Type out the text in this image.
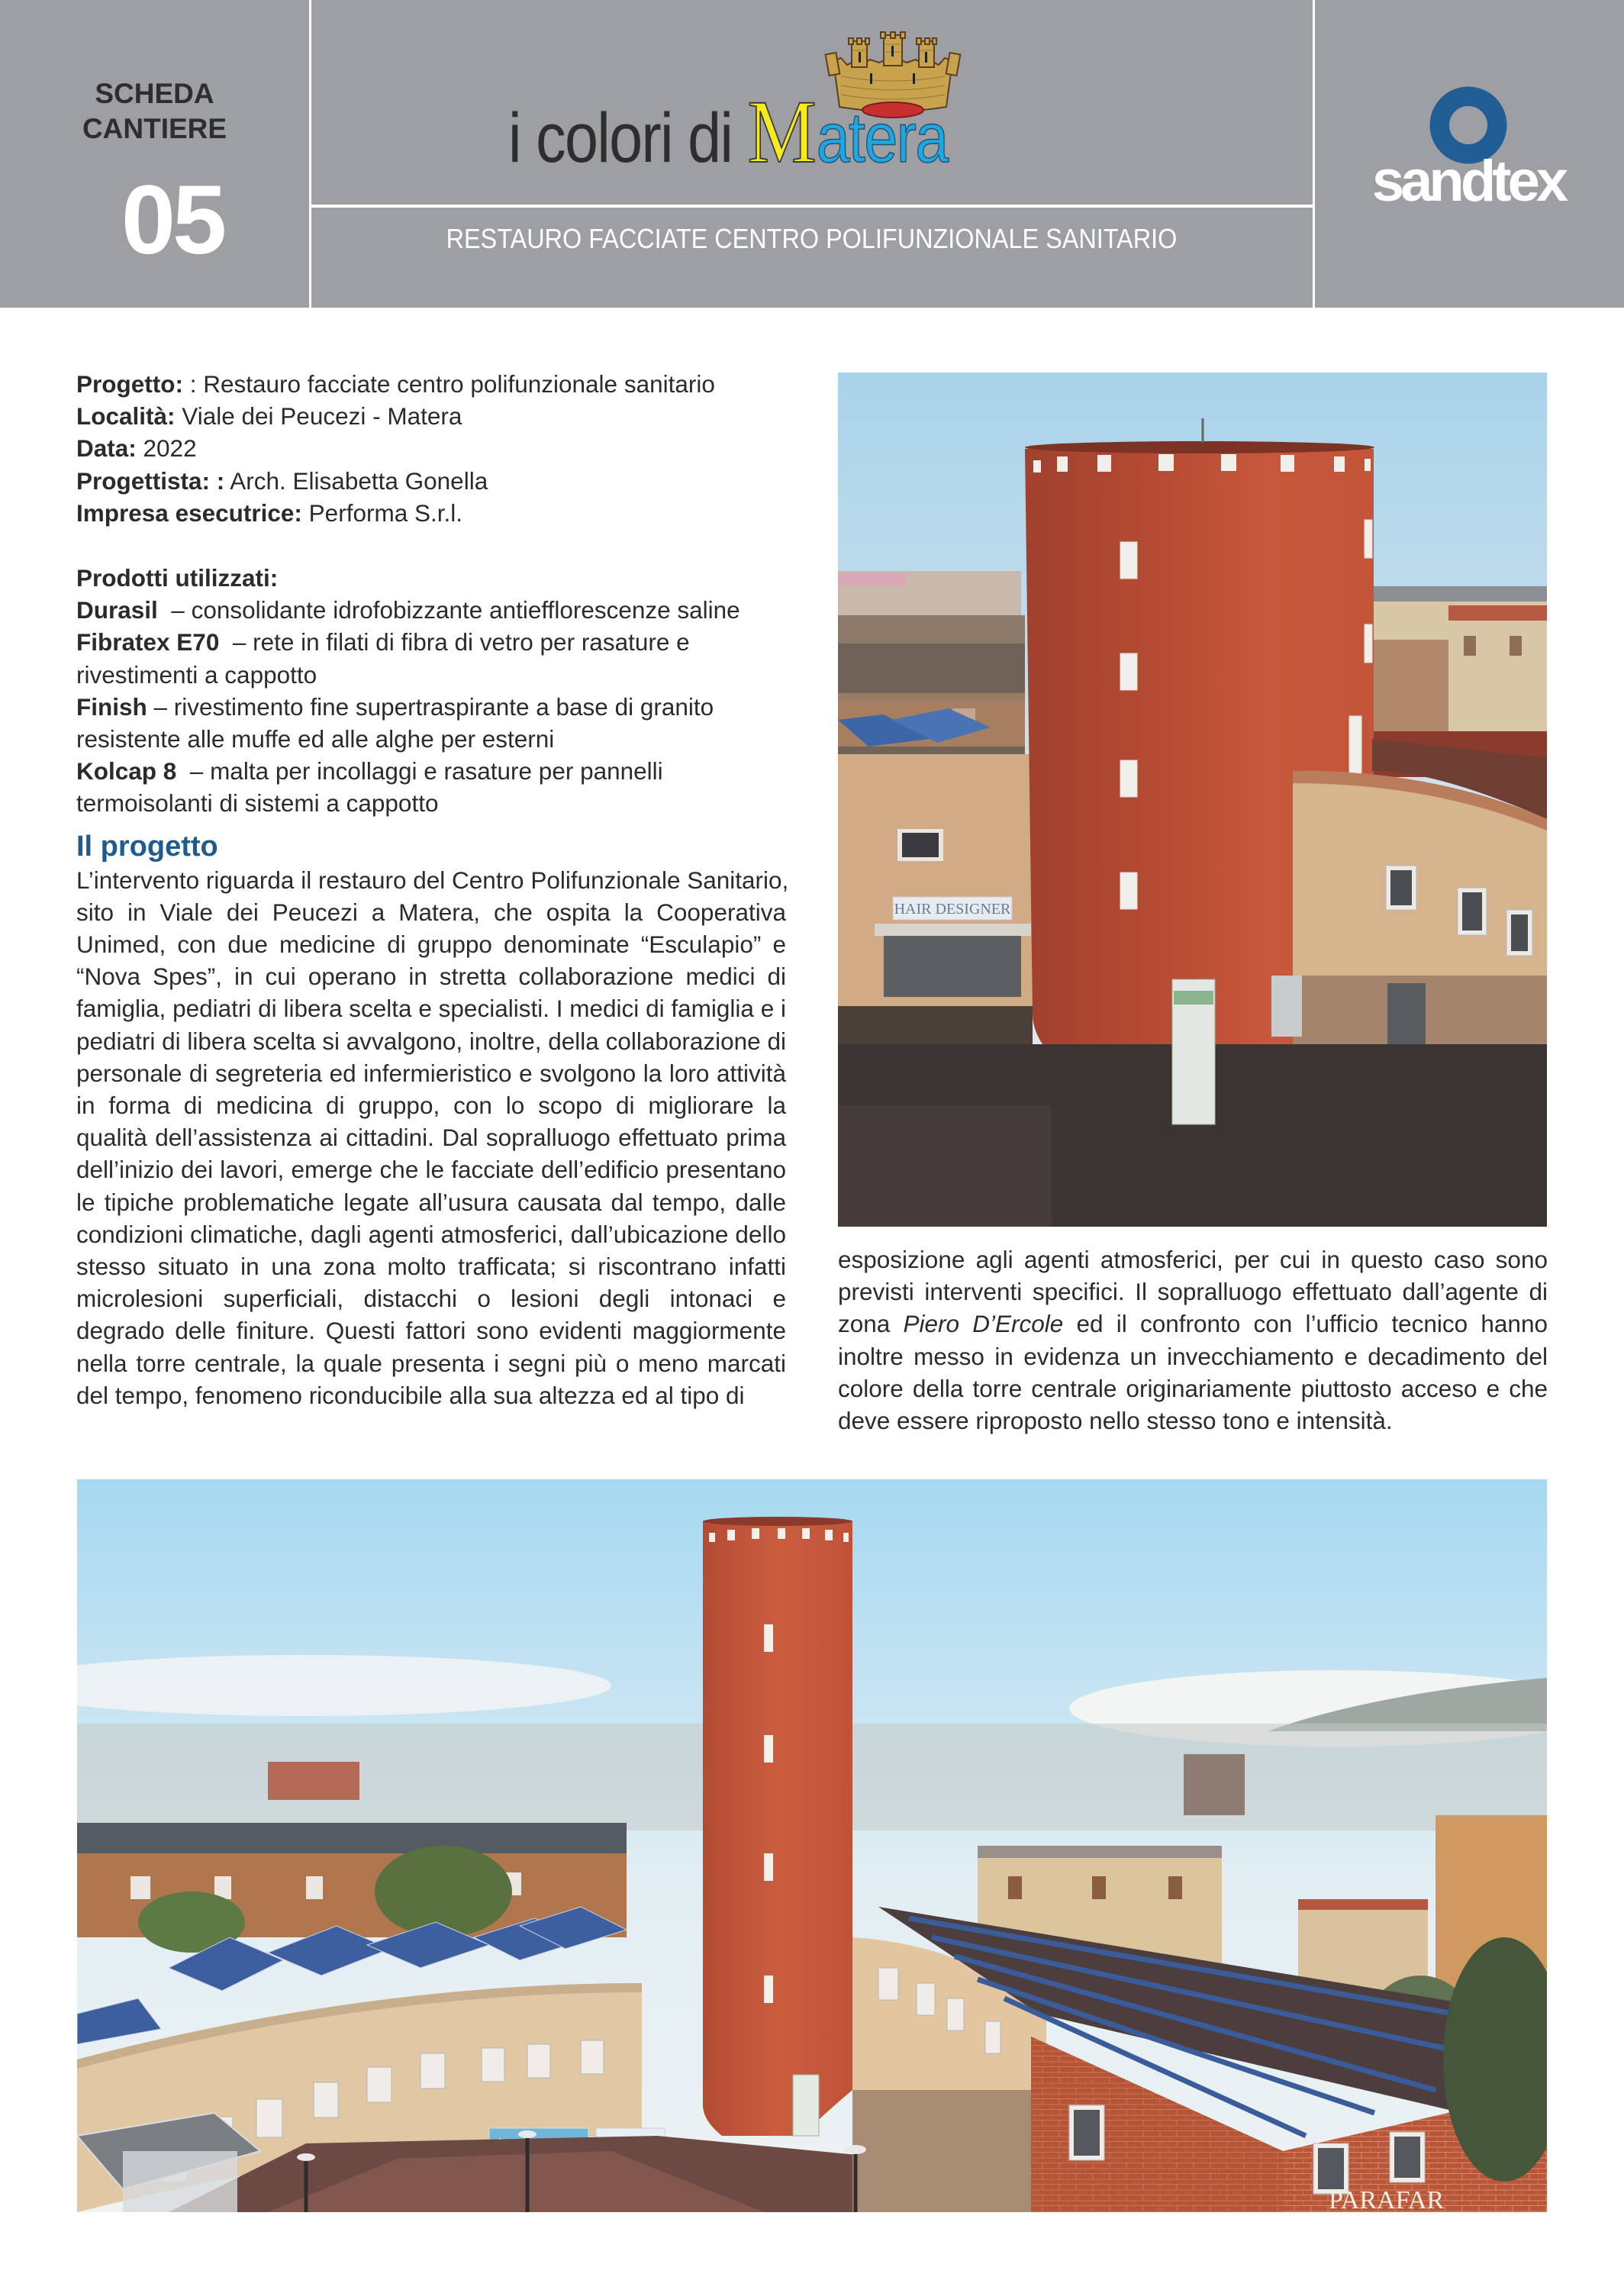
SCHEDA
CANTIERE
05
i colori di Matera
RESTAURO FACCIATE CENTRO POLIFUNZIONALE SANITARIO
sandtex

Progetto: : Restauro facciate centro polifunzionale sanitario

Località: Viale dei Peucezi - Matera

Data: 2022

Progettista: : Arch. Elisabetta Gonella

Impresa esecutrice: Performa S.r.l.

Prodotti utilizzati:

Durasil  – consolidante idrofobizzante antiefflorescenze saline

Fibratex E70  – rete in filati di fibra di vetro per rasature e rivestimenti a cappotto

Finish – rivestimento fine supertraspirante a base di granito resistente alle muffe ed alle alghe per esterni

Kolcap 8  – malta per incollaggi e rasature per pannelli termoisolanti di sistemi a cappotto

Il progetto

L’intervento riguarda il restauro del Centro Polifunzionale Sanitario,

sito in Viale dei Peucezi a Matera, che ospita la Cooperativa Unimed, con due medicine di gruppo denominate “Esculapio” e “Nova Spes”, in cui operano in stretta collaborazione medici di famiglia, pediatri di libera scelta e specialisti. I medici di famiglia e i pediatri di libera scelta si avvalgono, inoltre, della collaborazione di personale di segreteria ed infermieristico e svolgono la loro attività in forma di medicina di gruppo, con lo scopo di migliorare la qualità dell’assistenza ai cittadini. Dal sopralluogo effettuato prima dell’inizio dei lavori, emerge che le facciate dell’edificio presentano le tipiche problematiche legate all’usura causata dal tempo, dalle condizioni climatiche, dagli agenti atmosferici, dall’ubicazione dello stesso situato in una zona molto trafficata; si riscontrano infatti microlesioni superficiali, distacchi o lesioni degli intonaci e degrado delle finiture. Questi fattori sono evidenti maggiormente nella torre centrale, la quale presenta i segni più o meno marcati del tempo, fenomeno riconducibile alla sua altezza ed al tipo di

HAIR DESIGNER

esposizione agli agenti atmosferici, per cui in questo caso sono previsti interventi specifici. Il sopralluogo effettuato dall’agente di zona Piero D’Ercole ed il confronto con l’ufficio tecnico hanno inoltre messo in evidenza un invecchiamento e decadimento del colore della torre centrale originariamente piuttosto acceso e che deve essere riproposto nello stesso tono e intensità.

PARAFAR
